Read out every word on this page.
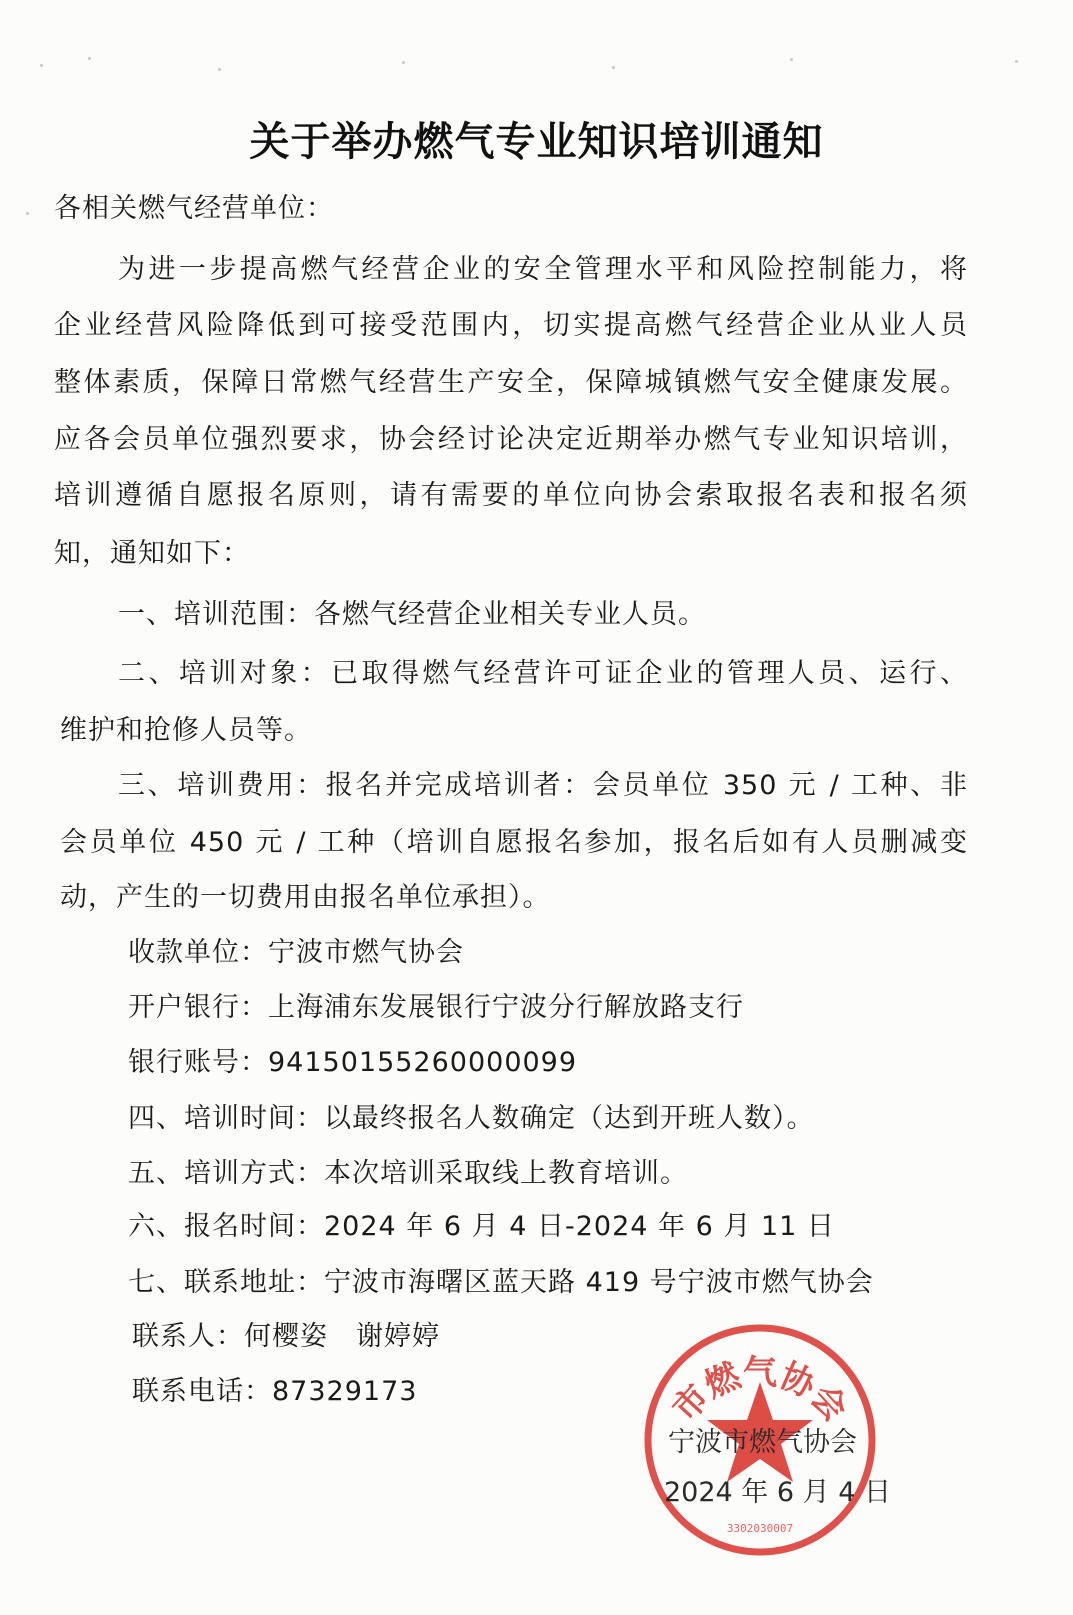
关于举办燃气专业知识培训通知
各相关燃气经营单位：
为进一步提高燃气经营企业的安全管理水平和风险控制能力，将
企业经营风险降低到可接受范围内，切实提高燃气经营企业从业人员
整体素质，保障日常燃气经营生产安全，保障城镇燃气安全健康发展。
应各会员单位强烈要求，协会经讨论决定近期举办燃气专业知识培训，
培训遵循自愿报名原则，请有需要的单位向协会索取报名表和报名须
知，通知如下：
一、培训范围：各燃气经营企业相关专业人员。
二、培训对象：已取得燃气经营许可证企业的管理人员、运行、
维护和抢修人员等。
三、培训费用：报名并完成培训者：会员单位 350 元 / 工种、非
会员单位 450 元 / 工种（培训自愿报名参加，报名后如有人员删减变
动，产生的一切费用由报名单位承担）。
收款单位：宁波市燃气协会
开户银行：上海浦东发展银行宁波分行解放路支行
银行账号：94150155260000099
四、培训时间：以最终报名人数确定（达到开班人数）。
五、培训方式：本次培训采取线上教育培训。
六、报名时间：2024 年 6 月 4 日-2024 年 6 月 11 日
七、联系地址：宁波市海曙区蓝天路 419 号宁波市燃气协会
联系人：何樱姿　谢婷婷
联系电话：87329173	市燃气协会
3302030007
宁波市燃气协会
2024 年 6 月 4 日
